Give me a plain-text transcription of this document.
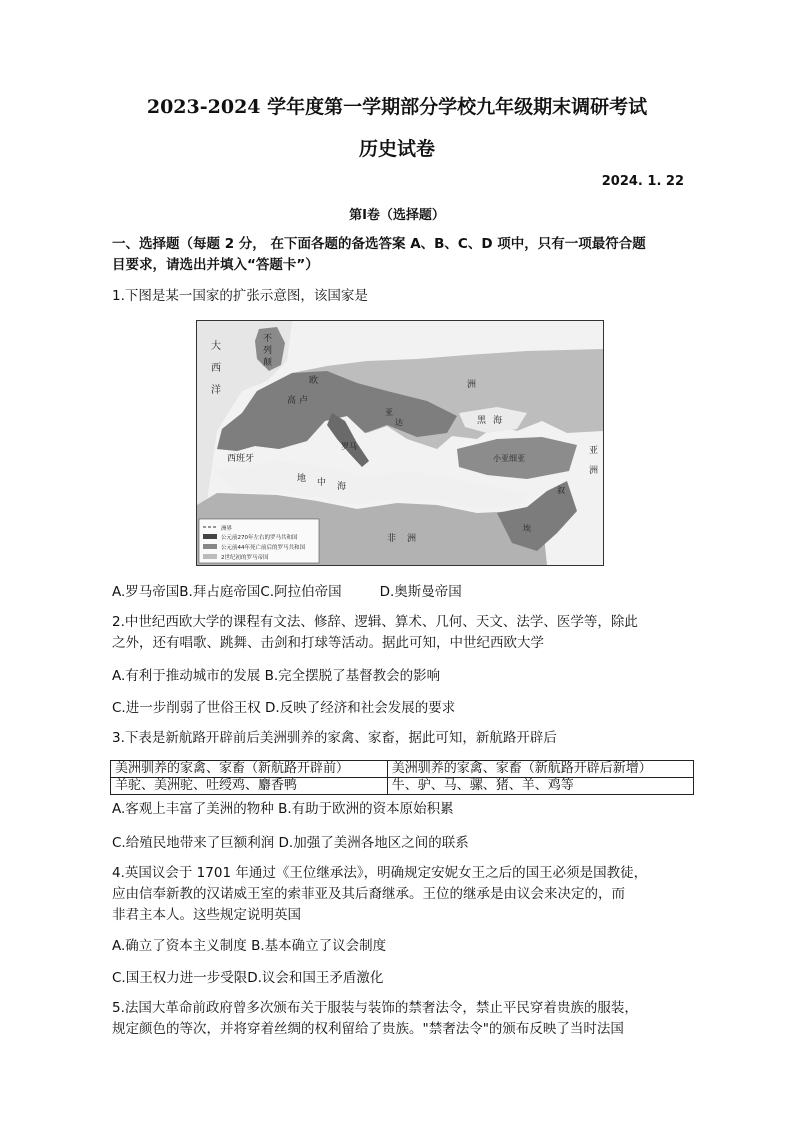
2023-2024 学年度第一学期部分学校九年级期末调研考试
历史试卷
2024. 1. 22
第Ⅰ卷（选择题）
一、选择题（每题 2 分， 在下面各题的备选答案 A、B、C、D 项中，只有一项最符合题
目要求，请选出并填入“答题卡”）
1.下图是某一国家的扩张示意图，该国家是
洲界
公元前270年左右的罗马共和国
公元前44年死亡前后的罗马共和国
2世纪初的罗马帝国
大
西
洋
不
列
颠
欧
高 卢
洲
罗马
西班牙
亚
达	黑 海
地 中 海
小亚细亚
亚
洲
非 洲
叙
埃
A.罗马帝国B.拜占庭帝国C.阿拉伯帝国	D.奥斯曼帝国
2.中世纪西欧大学的课程有文法、修辞、逻辑、算术、几何、天文、法学、医学等，除此
之外，还有唱歌、跳舞、击剑和打球等活动。据此可知，中世纪西欧大学
A.有利于推动城市的发展 B.完全摆脱了基督教会的影响
C.进一步削弱了世俗王权 D.反映了经济和社会发展的要求
3.下表是新航路开辟前后美洲驯养的家禽、家畜，据此可知，新航路开辟后
美洲驯养的家禽、家畜（新航路开辟前）	美洲驯养的家禽、家畜（新航路开辟后新增）
羊驼、美洲驼、吐绶鸡、麝香鸭	牛、驴、马、骡、猪、羊、鸡等
A.客观上丰富了美洲的物种 B.有助于欧洲的资本原始积累
C.给殖民地带来了巨额利润 D.加强了美洲各地区之间的联系
4.英国议会于 1701 年通过《王位继承法》，明确规定安妮女王之后的国王必须是国教徒，
应由信奉新教的汉诺威王室的索菲亚及其后裔继承。王位的继承是由议会来决定的，而
非君主本人。这些规定说明英国
A.确立了资本主义制度 B.基本确立了议会制度
C.国王权力进一步受限D.议会和国王矛盾激化
5.法国大革命前政府曾多次颁布关于服装与装饰的禁奢法令，禁止平民穿着贵族的服装，
规定颜色的等次，并将穿着丝绸的权利留给了贵族。"禁奢法令"的颁布反映了当时法国
